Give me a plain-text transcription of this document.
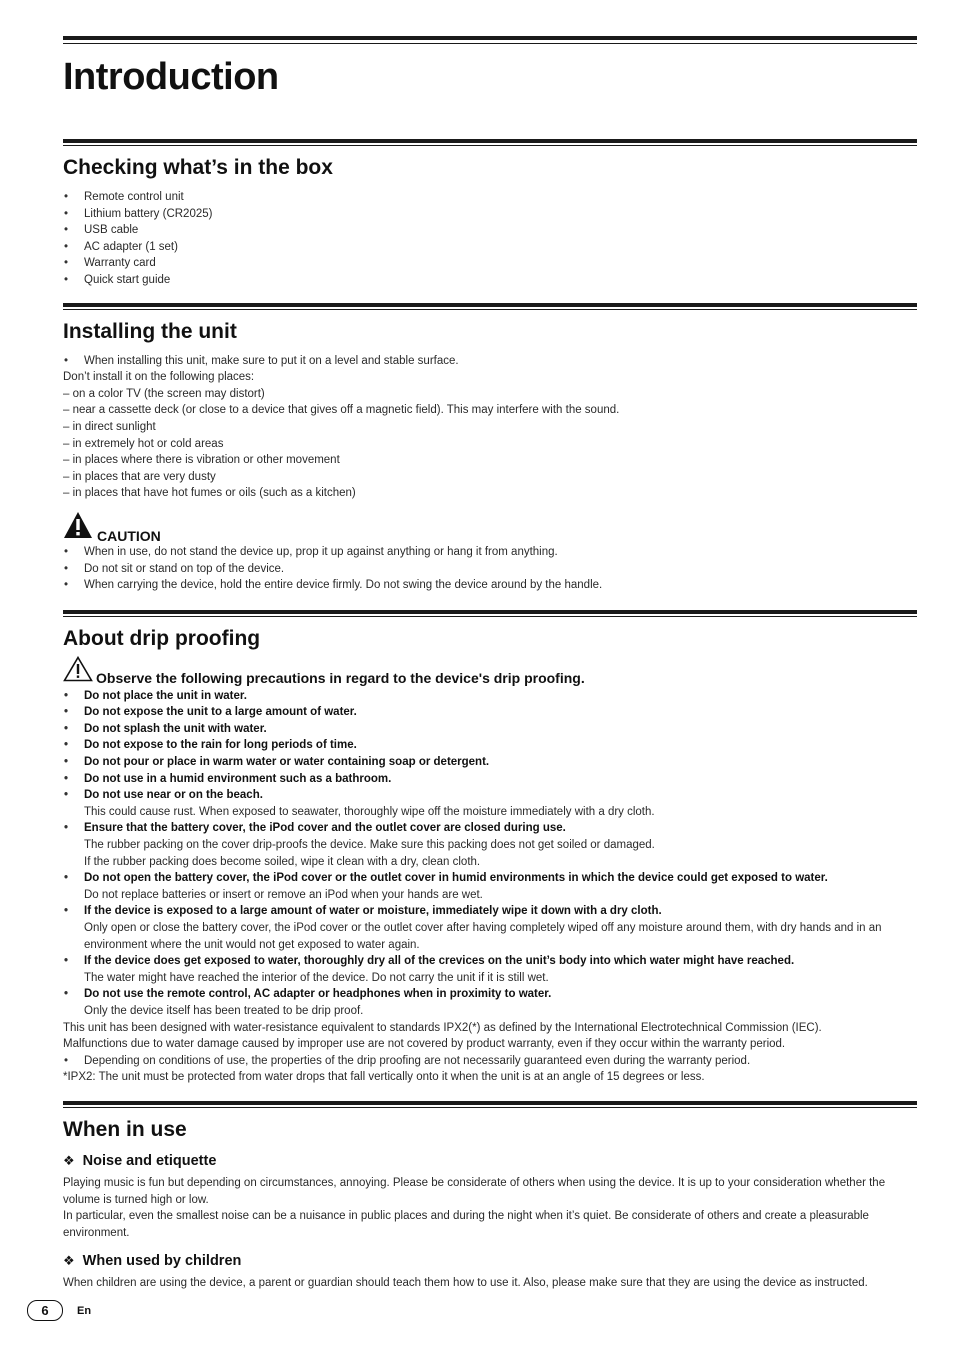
Introduction
Checking what’s in the box
• Remote control unit
• Lithium battery (CR2025)
• USB cable
• AC adapter (1 set)
• Warranty card
• Quick start guide
Installing the unit
• When installing this unit, make sure to put it on a level and stable surface.
Don’t install it on the following places:
– on a color TV (the screen may distort)
– near a cassette deck (or close to a device that gives off a magnetic field). This may interfere with the sound.
– in direct sunlight
– in extremely hot or cold areas
– in places where there is vibration or other movement
– in places that are very dusty
– in places that have hot fumes or oils (such as a kitchen)
CAUTION
• When in use, do not stand the device up, prop it up against anything or hang it from anything.
• Do not sit or stand on top of the device.
• When carrying the device, hold the entire device firmly. Do not swing the device around by the handle.
About drip proofing
Observe the following precautions in regard to the device's drip proofing.
• Do not place the unit in water.
• Do not expose the unit to a large amount of water.
• Do not splash the unit with water.
• Do not expose to the rain for long periods of time.
• Do not pour or place in warm water or water containing soap or detergent.
• Do not use in a humid environment such as a bathroom.
• Do not use near or on the beach.
This could cause rust. When exposed to seawater, thoroughly wipe off the moisture immediately with a dry cloth.
• Ensure that the battery cover, the iPod cover and the outlet cover are closed during use.
The rubber packing on the cover drip-proofs the device. Make sure this packing does not get soiled or damaged.
If the rubber packing does become soiled, wipe it clean with a dry, clean cloth.
• Do not open the battery cover, the iPod cover or the outlet cover in humid environments in which the device could get exposed to water.
Do not replace batteries or insert or remove an iPod when your hands are wet.
• If the device is exposed to a large amount of water or moisture, immediately wipe it down with a dry cloth.
Only open or close the battery cover, the iPod cover or the outlet cover after having completely wiped off any moisture around them, with dry hands and in an environment where the unit would not get exposed to water again.
• If the device does get exposed to water, thoroughly dry all of the crevices on the unit’s body into which water might have reached.
The water might have reached the interior of the device. Do not carry the unit if it is still wet.
• Do not use the remote control, AC adapter or headphones when in proximity to water.
Only the device itself has been treated to be drip proof.
This unit has been designed with water-resistance equivalent to standards IPX2(*) as defined by the International Electrotechnical Commission (IEC).
Malfunctions due to water damage caused by improper use are not covered by product warranty, even if they occur within the warranty period.
• Depending on conditions of use, the properties of the drip proofing are not necessarily guaranteed even during the warranty period.
*IPX2: The unit must be protected from water drops that fall vertically onto it when the unit is at an angle of 15 degrees or less.
When in use
❖ Noise and etiquette
Playing music is fun but depending on circumstances, annoying. Please be considerate of others when using the device. It is up to your consideration whether the volume is turned high or low.
In particular, even the smallest noise can be a nuisance in public places and during the night when it’s quiet. Be considerate of others and create a pleasurable environment.
❖ When used by children
When children are using the device, a parent or guardian should teach them how to use it. Also, please make sure that they are using the device as instructed.
6	En
